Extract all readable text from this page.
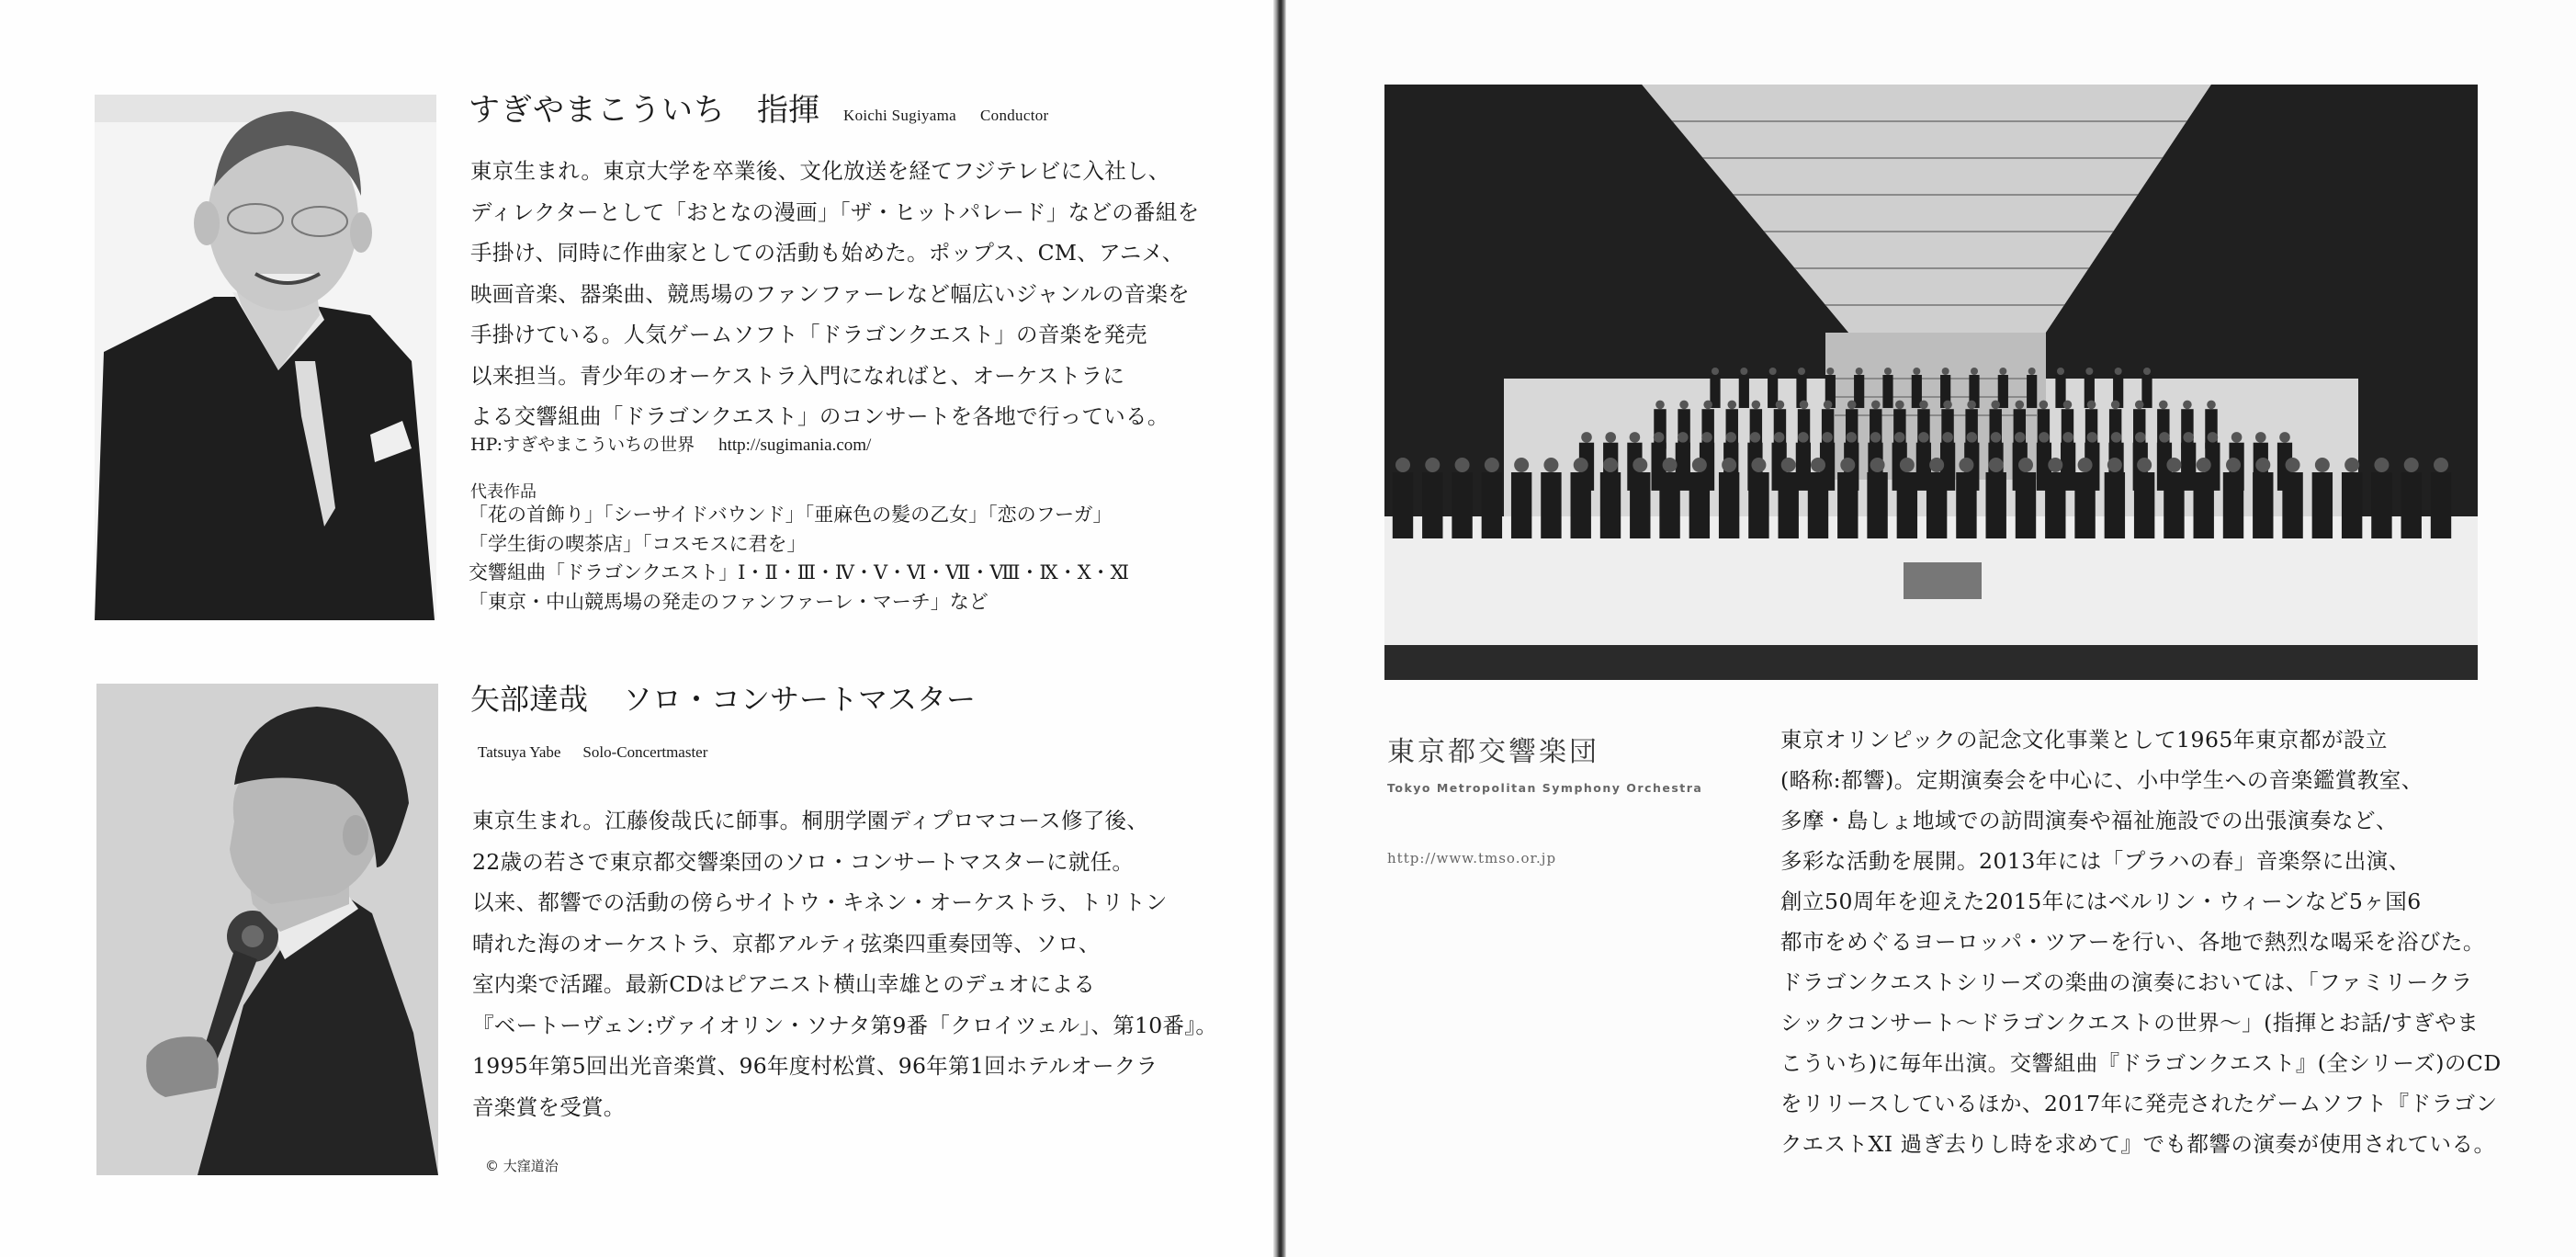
すぎやまこういち 指揮 Koichi Sugiyama Conductor
東京生まれ。東京大学を卒業後、文化放送を経てフジテレビに入社し、
ディレクターとして「おとなの漫画」「ザ・ヒットパレード」などの番組を
手掛け、同時に作曲家としての活動も始めた。ポップス、CM、アニメ、
映画音楽、器楽曲、競馬場のファンファーレなど幅広いジャンルの音楽を
手掛けている。人気ゲームソフト「ドラゴンクエスト」の音楽を発売
以来担当。青少年のオーケストラ入門になればと、オーケストラに
よる交響組曲「ドラゴンクエスト」のコンサートを各地で行っている。
HP:すぎやまこういちの世界 http://sugimania.com/
代表作品
「花の首飾り」「シーサイドバウンド」「亜麻色の髪の乙女」「恋のフーガ」
「学生街の喫茶店」「コスモスに君を」
交響組曲「ドラゴンクエスト」Ⅰ・Ⅱ・Ⅲ・Ⅳ・Ⅴ・Ⅵ・Ⅶ・Ⅷ・Ⅸ・Ⅹ・Ⅺ
「東京・中山競馬場の発走のファンファーレ・マーチ」など
矢部達哉 ソロ・コンサートマスター
Tatsuya Yabe Solo-Concertmaster
東京生まれ。江藤俊哉氏に師事。桐朋学園ディプロマコース修了後、
22歳の若さで東京都交響楽団のソロ・コンサートマスターに就任。
以来、都響での活動の傍らサイトウ・キネン・オーケストラ、トリトン
晴れた海のオーケストラ、京都アルティ弦楽四重奏団等、ソロ、
室内楽で活躍。最新CDはピアニスト横山幸雄とのデュオによる
『ベートーヴェン:ヴァイオリン・ソナタ第9番「クロイツェル」、第10番』。
1995年第5回出光音楽賞、96年度村松賞、96年第1回ホテルオークラ
音楽賞を受賞。
© 大窪道治
東京都交響楽団
Tokyo Metropolitan Symphony Orchestra
http://www.tmso.or.jp
東京オリンピックの記念文化事業として1965年東京都が設立
(略称:都響)。定期演奏会を中心に、小中学生への音楽鑑賞教室、
多摩・島しょ地域での訪問演奏や福祉施設での出張演奏など、
多彩な活動を展開。2013年には「プラハの春」音楽祭に出演、
創立50周年を迎えた2015年にはベルリン・ウィーンなど5ヶ国6
都市をめぐるヨーロッパ・ツアーを行い、各地で熱烈な喝采を浴びた。
ドラゴンクエストシリーズの楽曲の演奏においては、「ファミリークラ
シックコンサート～ドラゴンクエストの世界～」(指揮とお話/すぎやま
こういち)に毎年出演。交響組曲『ドラゴンクエスト』(全シリーズ)のCD
をリリースしているほか、2017年に発売されたゲームソフト『ドラゴン
クエストXI 過ぎ去りし時を求めて』でも都響の演奏が使用されている。
